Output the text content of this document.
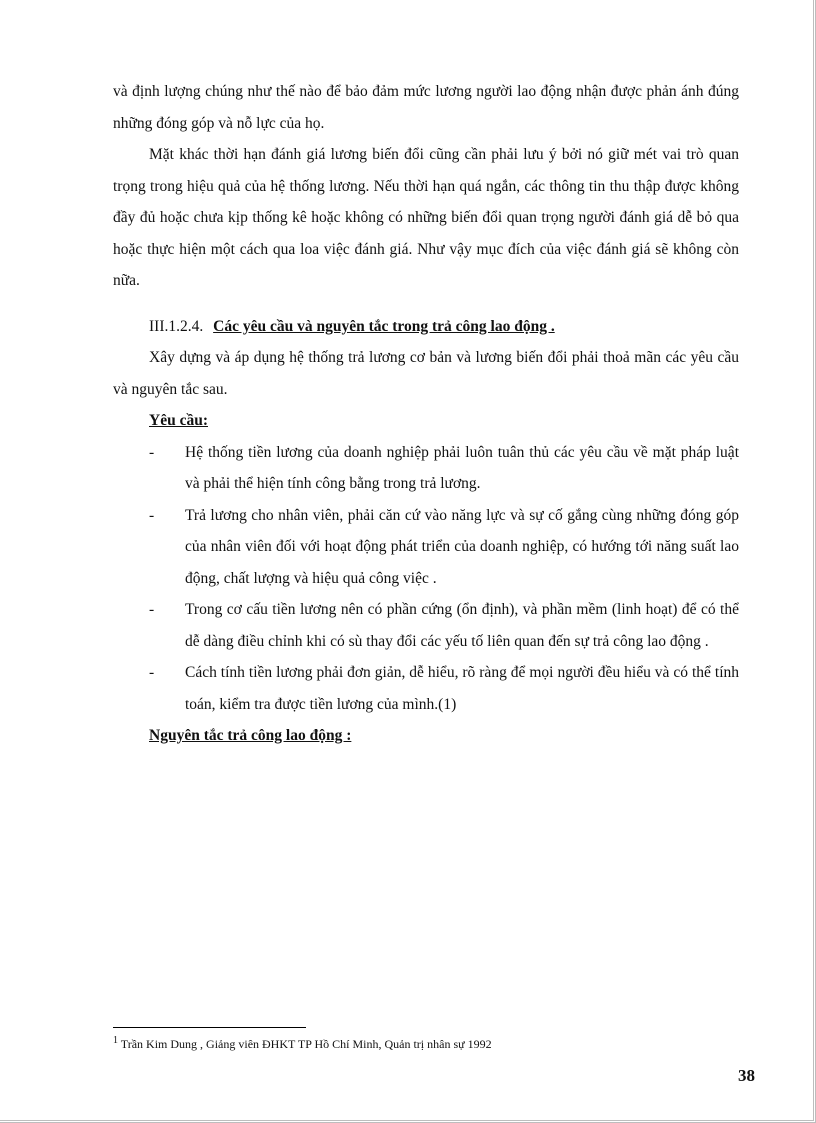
và định lượng chúng như thế nào để bảo đảm mức lương người lao động nhận được phản ánh đúng những đóng góp và nỗ lực của họ.

Mặt khác thời hạn đánh giá lương biến đổi cũng cần phải lưu ý bởi nó giữ mét vai trò quan trọng trong hiệu quả của hệ thống lương. Nếu thời hạn quá ngắn, các thông tin thu thập được không đầy đủ hoặc chưa kịp thống kê hoặc không có những biến đổi quan trọng người đánh giá dễ bỏ qua hoặc thực hiện một cách qua loa việc đánh giá. Như vậy mục đích của việc đánh giá sẽ không còn nữa.

III.1.2.4. Các yêu cầu và nguyên tắc trong trả công lao động .

Xây dựng và áp dụng hệ thống trả lương cơ bản và lương biến đổi phải thoả mãn các yêu cầu và nguyên tắc sau.

Yêu cầu:

-	Hệ thống tiền lương của doanh nghiệp phải luôn tuân thủ các yêu cầu về mặt pháp luật và phải thể hiện tính công bằng trong trả lương.
-	Trả lương cho nhân viên, phải căn cứ vào năng lực và sự cố gắng cùng những đóng góp của nhân viên đối với hoạt động phát triển của doanh nghiệp, có hướng tới năng suất lao động, chất lượng và hiệu quả công việc .
-	Trong cơ cấu tiền lương nên có phần cứng (ổn định), và phần mềm (linh hoạt) để có thể dễ dàng điều chỉnh khi có sù thay đổi các yếu tố liên quan đến sự trả công lao động .
-	Cách tính tiền lương phải đơn giản, dễ hiểu, rõ ràng để mọi người đều hiểu và có thể tính toán, kiểm tra được tiền lương của mình.(1)

Nguyên tắc trả công lao động :

$^1$ Trần Kim Dung , Giảng viên ĐHKT TP Hồ Chí Minh, Quản trị nhân sự 1992
38
